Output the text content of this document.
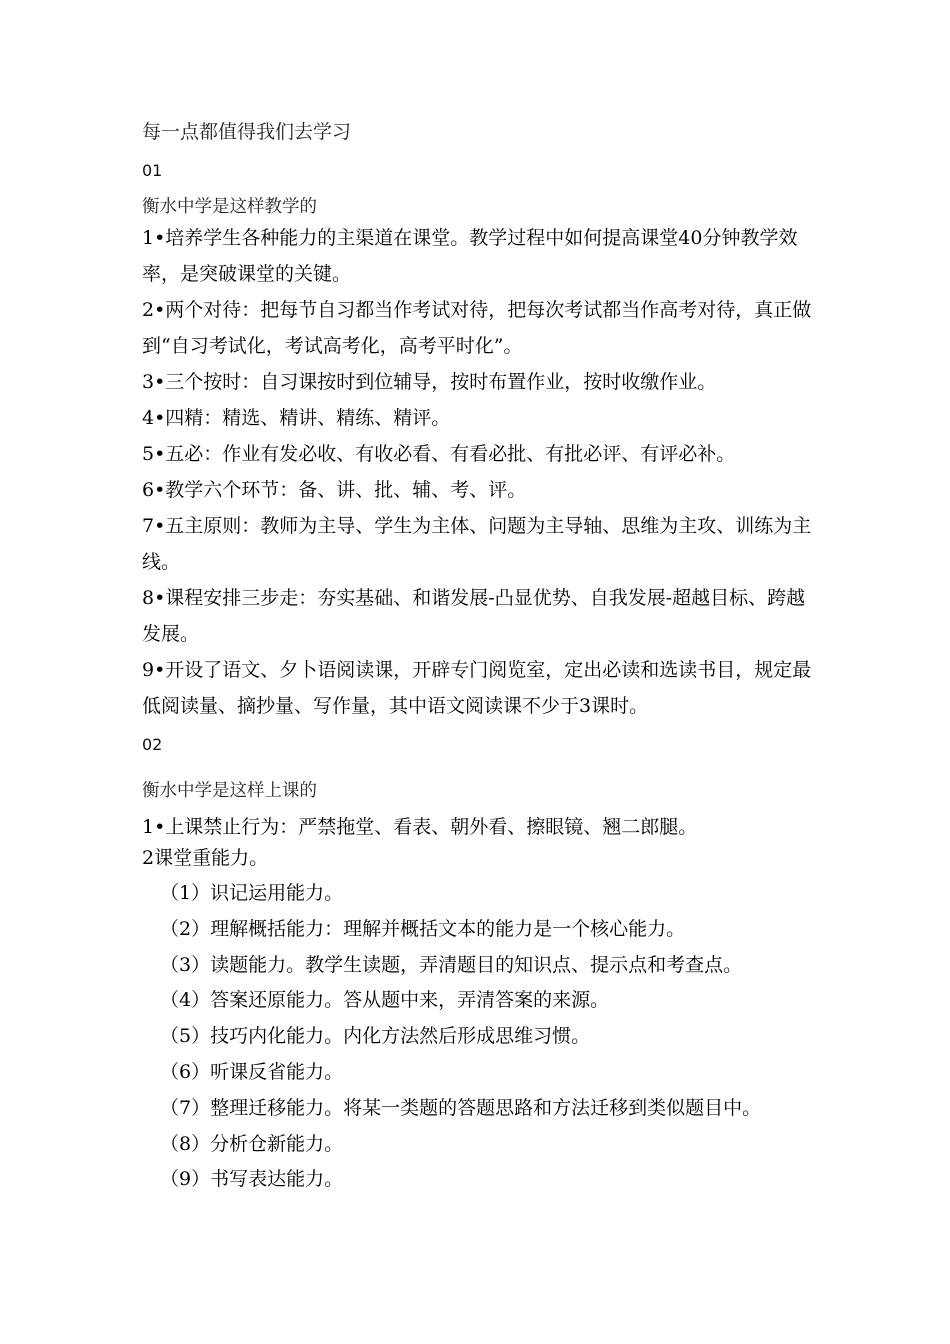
每一点都值得我们去学习
01
衡水中学是这样教学的
1•培养学生各种能力的主渠道在课堂。教学过程中如何提高课堂40分钟教学效率，是突破课堂的关键。
2•两个对待：把每节自习都当作考试对待，把每次考试都当作高考对待，真正做到“自习考试化，考试高考化，高考平时化”。
3•三个按时：自习课按时到位辅导，按时布置作业，按时收缴作业。
4•四精：精选、精讲、精练、精评。
5•五必：作业有发必收、有收必看、有看必批、有批必评、有评必补。
6•教学六个环节：备、讲、批、辅、考、评。
7•五主原则：教师为主导、学生为主体、问题为主导轴、思维为主攻、训练为主线。
8•课程安排三步走：夯实基础、和谐发展-凸显优势、自我发展-超越目标、跨越发展。
9•开设了语文、夕卜语阅读课，开辟专门阅览室，定出必读和选读书目，规定最低阅读量、摘抄量、写作量，其中语文阅读课不少于3课时。
02
衡水中学是这样上课的
1•上课禁止行为：严禁拖堂、看表、朝外看、擦眼镜、翘二郎腿。
2课堂重能力。
（1）识记运用能力。
（2）理解概括能力：理解并概括文本的能力是一个核心能力。
（3）读题能力。教学生读题，弄清题目的知识点、提示点和考查点。
（4）答案还原能力。答从题中来，弄清答案的来源。
（5）技巧内化能力。内化方法然后形成思维习惯。
（6）听课反省能力。
（7）整理迁移能力。将某一类题的答题思路和方法迁移到类似题目中。
（8）分析仓新能力。
（9）书写表达能力。
